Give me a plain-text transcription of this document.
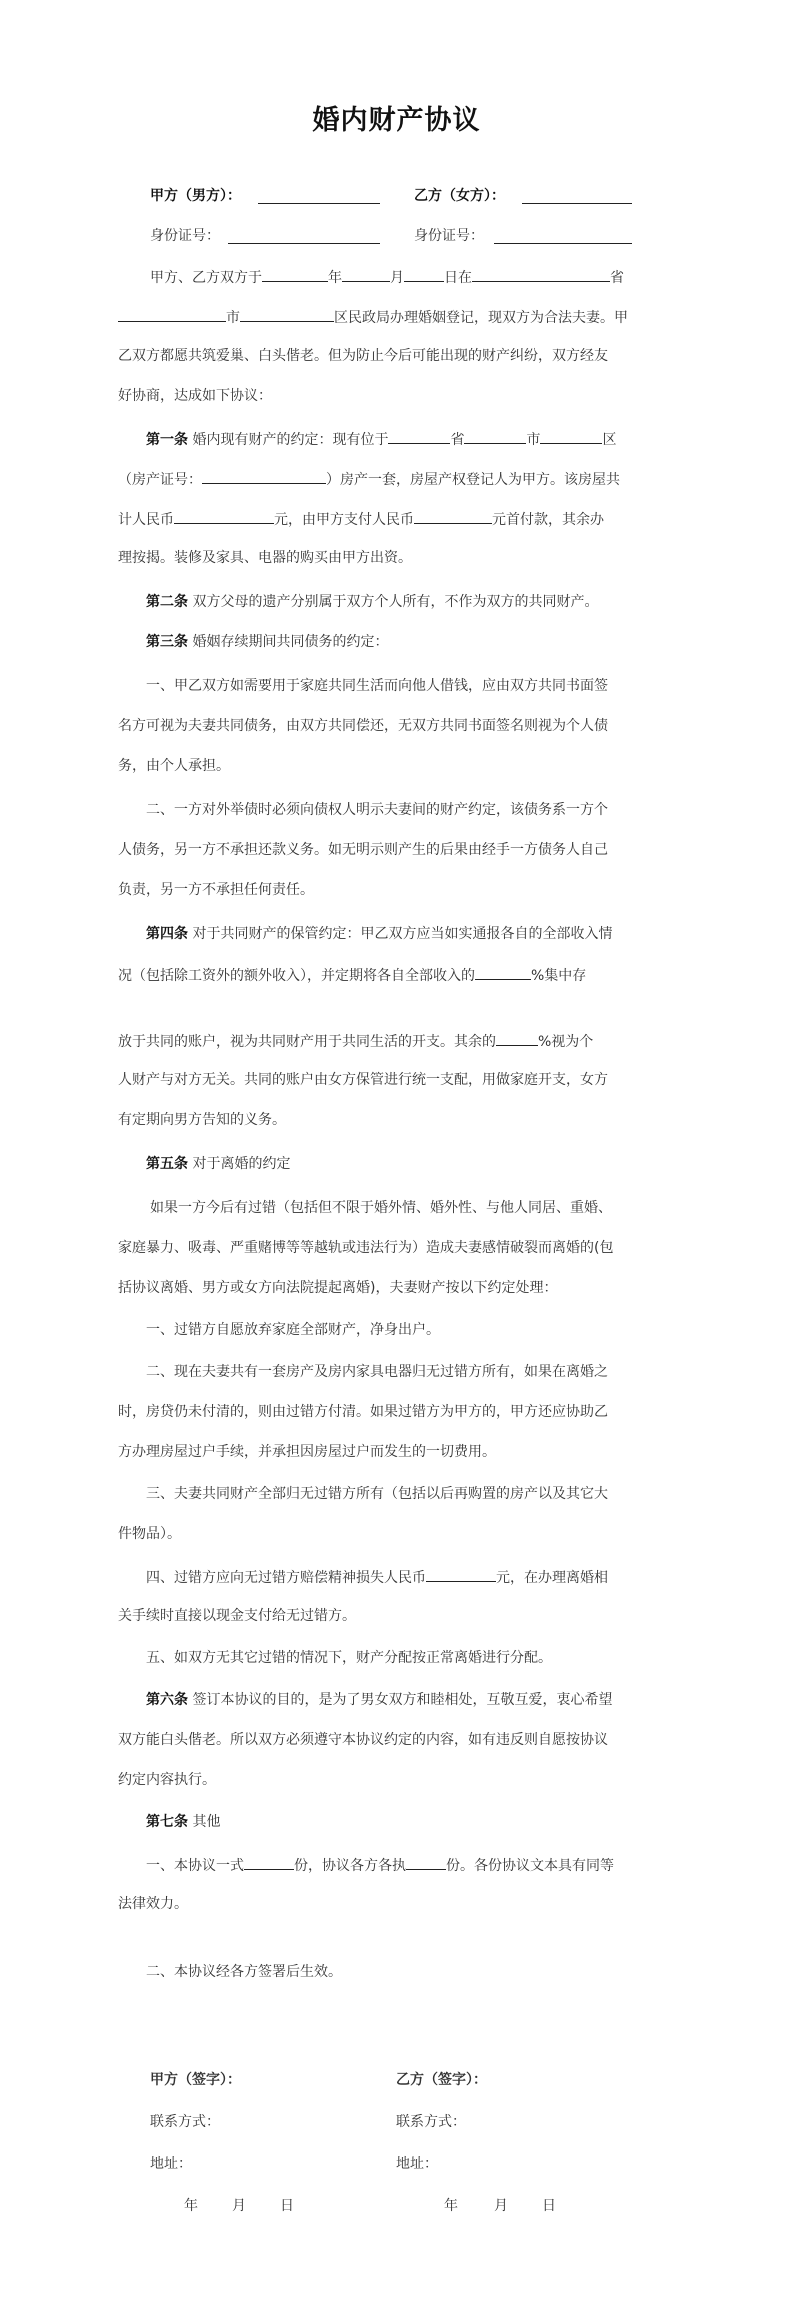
婚内财产协议
甲方（男方）：	乙方（女方）：
身份证号：	身份证号：
甲方、乙方双方于	年	月	日在	省
市	区民政局办理婚姻登记，现双方为合法夫妻。甲
乙双方都愿共筑爱巢、白头偕老。但为防止今后可能出现的财产纠纷，双方经友
好协商，达成如下协议：
第一条 婚内现有财产的约定：现有位于	省	市	区
（房产证号：	）房产一套，房屋产权登记人为甲方。该房屋共
计人民币	元，由甲方支付人民币	元首付款，其余办
理按揭。装修及家具、电器的购买由甲方出资。
第二条 双方父母的遗产分别属于双方个人所有，不作为双方的共同财产。
第三条 婚姻存续期间共同债务的约定：
一、甲乙双方如需要用于家庭共同生活而向他人借钱，应由双方共同书面签
名方可视为夫妻共同债务，由双方共同偿还，无双方共同书面签名则视为个人债
务，由个人承担。
二、一方对外举债时必须向债权人明示夫妻间的财产约定，该债务系一方个
人债务，另一方不承担还款义务。如无明示则产生的后果由经手一方债务人自己
负责，另一方不承担任何责任。
第四条 对于共同财产的保管约定：甲乙双方应当如实通报各自的全部收入情
况（包括除工资外的额外收入），并定期将各自全部收入的	%集中存
放于共同的账户，视为共同财产用于共同生活的开支。其余的	%视为个
人财产与对方无关。共同的账户由女方保管进行统一支配，用做家庭开支，女方
有定期向男方告知的义务。
第五条 对于离婚的约定
如果一方今后有过错（包括但不限于婚外情、婚外性、与他人同居、重婚、
家庭暴力、吸毒、严重赌博等等越轨或违法行为）造成夫妻感情破裂而离婚的(包
括协议离婚、男方或女方向法院提起离婚)，夫妻财产按以下约定处理：
一、过错方自愿放弃家庭全部财产，净身出户。
二、现在夫妻共有一套房产及房内家具电器归无过错方所有，如果在离婚之
时，房贷仍未付清的，则由过错方付清。如果过错方为甲方的，甲方还应协助乙
方办理房屋过户手续，并承担因房屋过户而发生的一切费用。
三、夫妻共同财产全部归无过错方所有（包括以后再购置的房产以及其它大
件物品）。
四、过错方应向无过错方赔偿精神损失人民币	元，在办理离婚相
关手续时直接以现金支付给无过错方。
五、如双方无其它过错的情况下，财产分配按正常离婚进行分配。
第六条 签订本协议的目的，是为了男女双方和睦相处，互敬互爱，衷心希望
双方能白头偕老。所以双方必须遵守本协议约定的内容，如有违反则自愿按协议
约定内容执行。
第七条 其他
一、本协议一式	份，协议各方各执	份。各份协议文本具有同等
法律效力。
二、本协议经各方签署后生效。
甲方（签字）：	乙方（签字）：
联系方式：	联系方式：
地址：	地址：
年 月 日	年	月 日
